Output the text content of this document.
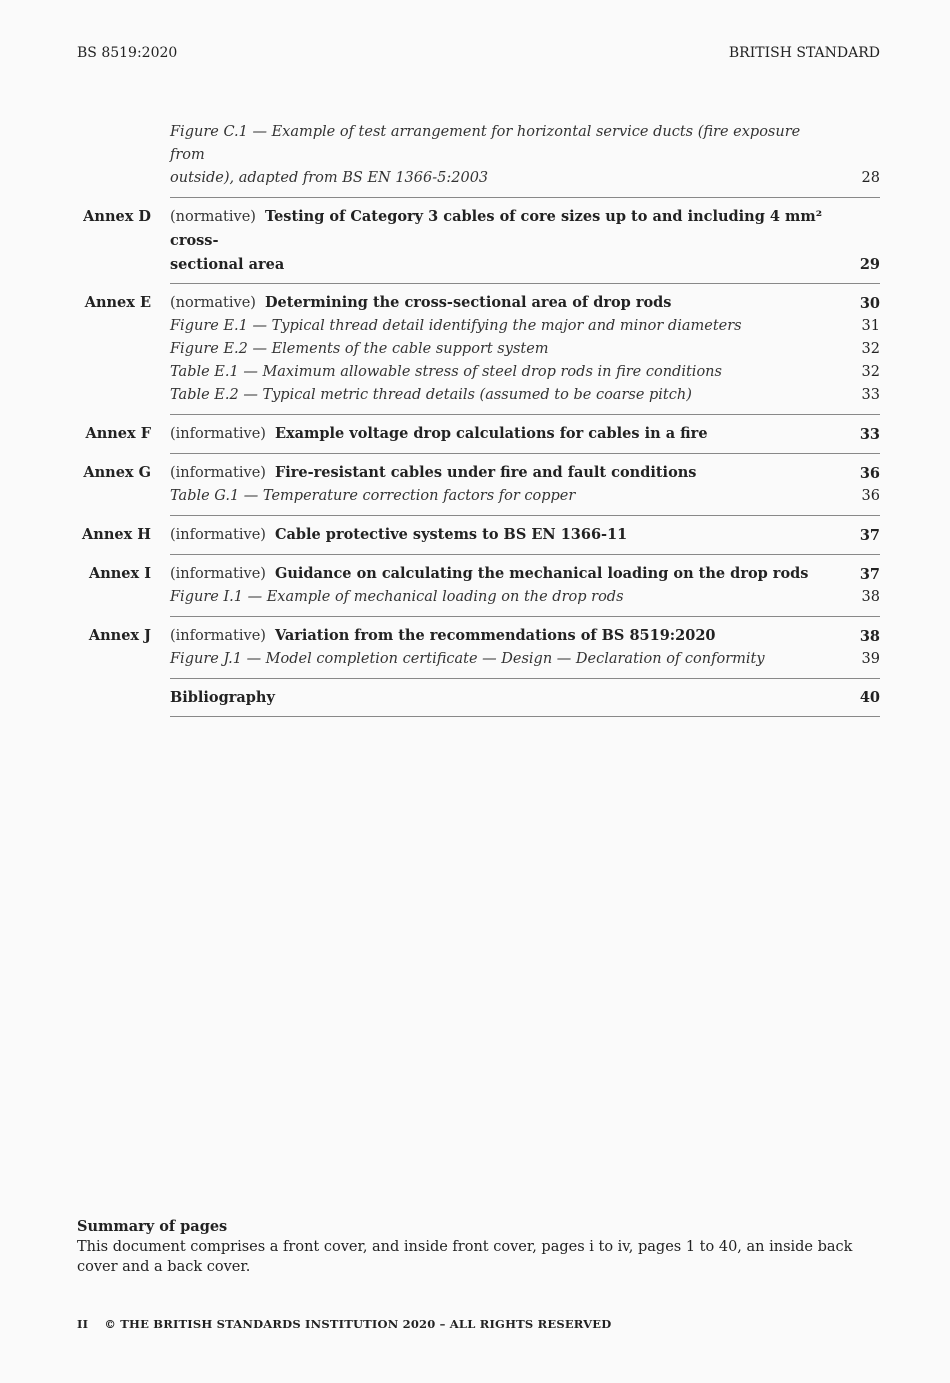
BS 8519:2020	BRITISH STANDARD
Figure C.1 — Example of test arrangement for horizontal service ducts (fire exposure from
outside), adapted from BS EN 1366-5:2003	28
Annex D	(normative) Testing of Category 3 cables of core sizes up to and including 4 mm² cross-
sectional area	29
Annex E	(normative) Determining the cross-sectional area of drop rods	30
Figure E.1 — Typical thread detail identifying the major and minor diameters	31
Figure E.2 — Elements of the cable support system	32
Table E.1 — Maximum allowable stress of steel drop rods in fire conditions	32
Table E.2 — Typical metric thread details (assumed to be coarse pitch)	33
Annex F	(informative) Example voltage drop calculations for cables in a fire	33
Annex G	(informative) Fire-resistant cables under fire and fault conditions	36
Table G.1 — Temperature correction factors for copper	36
Annex H	(informative) Cable protective systems to BS EN 1366-11	37
Annex I	(informative) Guidance on calculating the mechanical loading on the drop rods	37
Figure I.1 — Example of mechanical loading on the drop rods	38
Annex J	(informative) Variation from the recommendations of BS 8519:2020	38
Figure J.1 — Model completion certificate — Design — Declaration of conformity	39
Bibliography	40
Summary of pages
This document comprises a front cover, and inside front cover, pages i to iv, pages 1 to 40, an inside back cover and a back cover.
II © THE BRITISH STANDARDS INSTITUTION 2020 – ALL RIGHTS RESERVED
